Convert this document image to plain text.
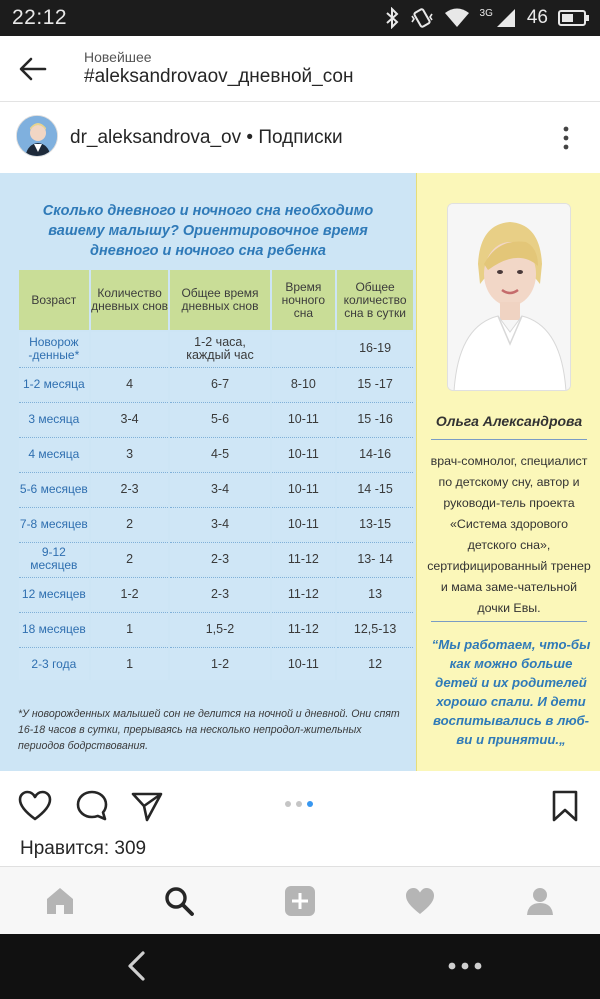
22:12	3G 46
Новейшее
#aleksandrovaov_дневной_сон
dr_aleksandrova_ov • Подписки
Сколько дневного и ночного сна необходимо
вашему малышу? Ориентировочное время
дневного и ночного сна ребенка
Возраст	Количество дневных снов	Общее время дневных снов	Время ночного сна	Общее количество сна в сутки
Новорож -денные*		1-2 часа, каждый час		16-19
1-2 месяца	4	6-7	8-10	15 -17
3 месяца	3-4	5-6	10-11	15 -16
4 месяца	3	4-5	10-11	14-16
5-6 месяцев	2-3	3-4	10-11	14 -15
7-8 месяцев	2	3-4	10-11	13-15
9-12 месяцев	2	2-3	11-12	13- 14
12 месяцев	1-2	2-3	11-12	13
18 месяцев	1	1,5-2	11-12	12,5-13
2-3 года	1	1-2	10-11	12
*У новорожденных малышей сон не делится на ночной и дневной. Они спят 16-18 часов в сутки, прерываясь на несколько непродол-жительных периодов бодрствования.
Ольга Александрова
врач-сомнолог, специалист по детскому сну, автор и руководи-тель проекта «Система здорового детского сна», сертифицированный тренер и мама заме-чательной дочки Евы.
“Мы работаем, что-бы как можно больше детей и их родителей хорошо спали. И дети воспитывались в люб-ви и принятии.„
Нравится: 309
